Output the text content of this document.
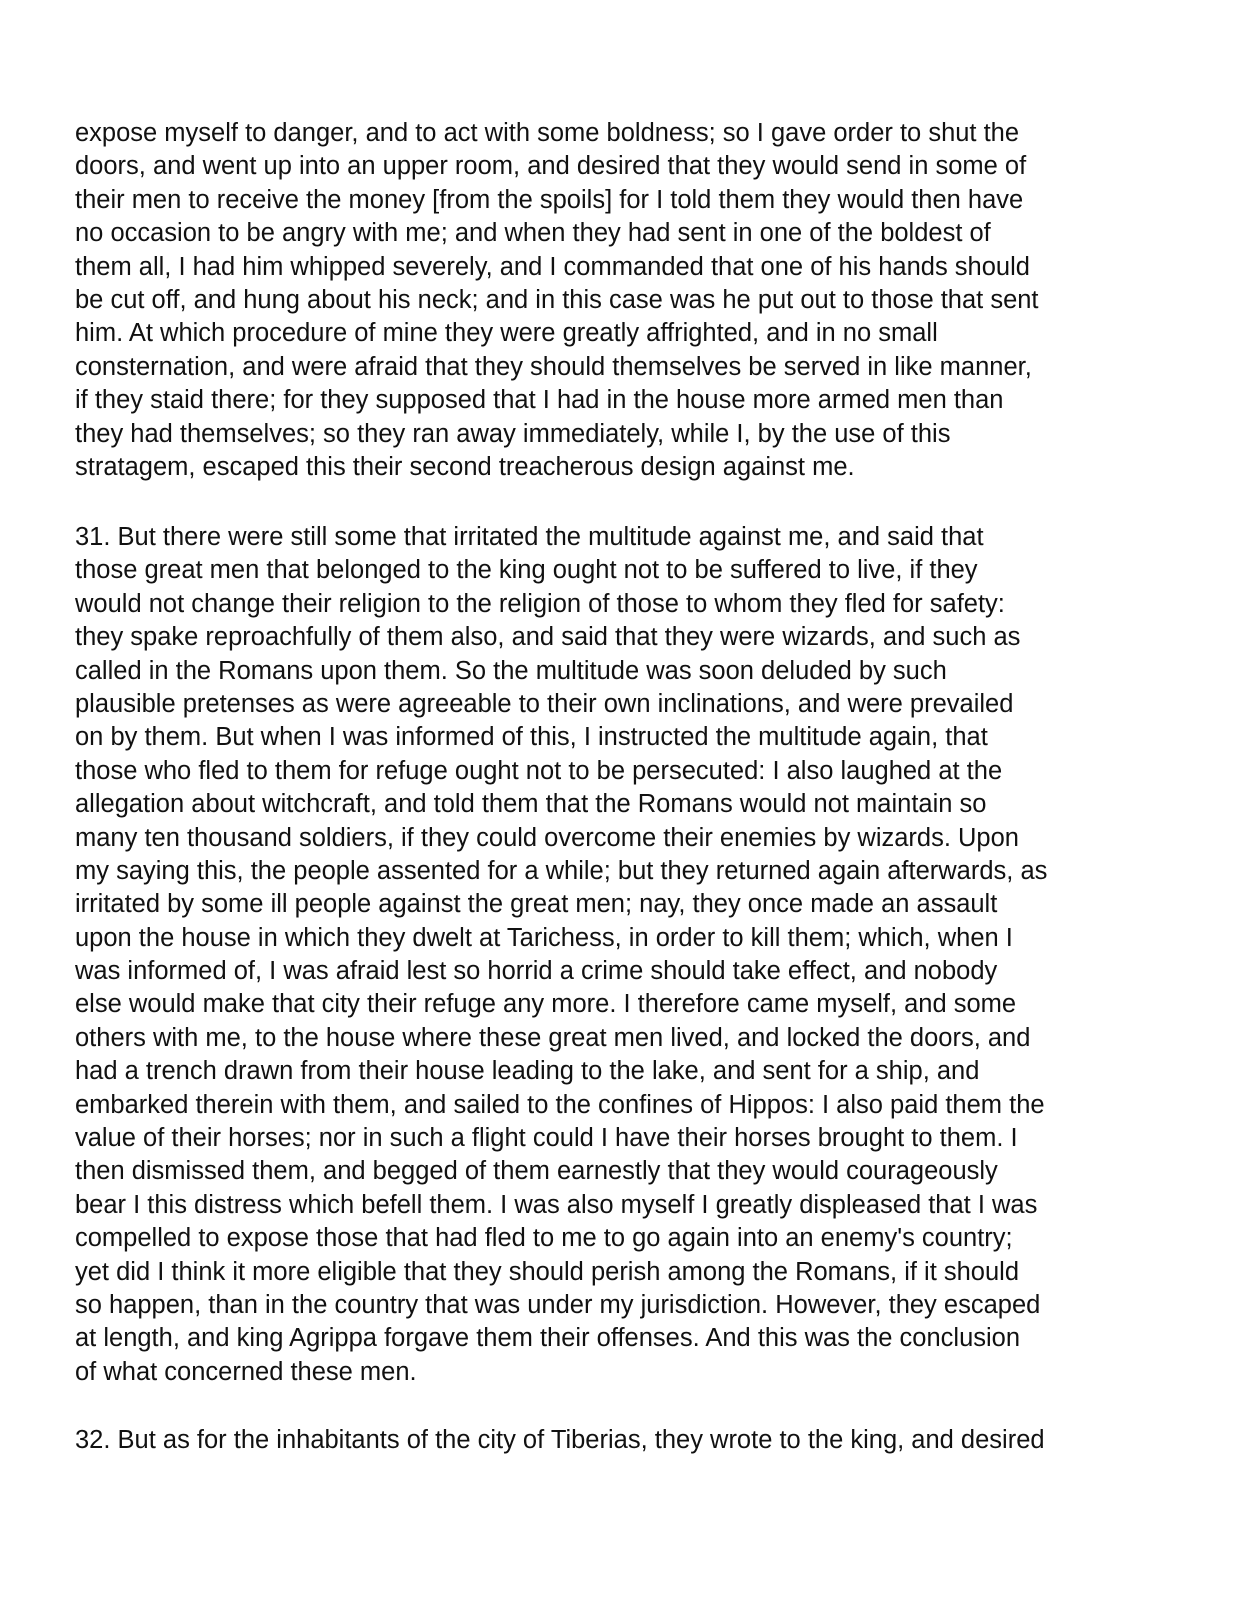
expose myself to danger, and to act with some boldness; so I gave order to shut the
doors, and went up into an upper room, and desired that they would send in some of
their men to receive the money [from the spoils] for I told them they would then have
no occasion to be angry with me; and when they had sent in one of the boldest of
them all, I had him whipped severely, and I commanded that one of his hands should
be cut off, and hung about his neck; and in this case was he put out to those that sent
him. At which procedure of mine they were greatly affrighted, and in no small
consternation, and were afraid that they should themselves be served in like manner,
if they staid there; for they supposed that I had in the house more armed men than
they had themselves; so they ran away immediately, while I, by the use of this
stratagem, escaped this their second treacherous design against me.
31. But there were still some that irritated the multitude against me, and said that
those great men that belonged to the king ought not to be suffered to live, if they
would not change their religion to the religion of those to whom they fled for safety:
they spake reproachfully of them also, and said that they were wizards, and such as
called in the Romans upon them. So the multitude was soon deluded by such
plausible pretenses as were agreeable to their own inclinations, and were prevailed
on by them. But when I was informed of this, I instructed the multitude again, that
those who fled to them for refuge ought not to be persecuted: I also laughed at the
allegation about witchcraft, and told them that the Romans would not maintain so
many ten thousand soldiers, if they could overcome their enemies by wizards. Upon
my saying this, the people assented for a while; but they returned again afterwards, as
irritated by some ill people against the great men; nay, they once made an assault
upon the house in which they dwelt at Tarichess, in order to kill them; which, when I
was informed of, I was afraid lest so horrid a crime should take effect, and nobody
else would make that city their refuge any more. I therefore came myself, and some
others with me, to the house where these great men lived, and locked the doors, and
had a trench drawn from their house leading to the lake, and sent for a ship, and
embarked therein with them, and sailed to the confines of Hippos: I also paid them the
value of their horses; nor in such a flight could I have their horses brought to them. I
then dismissed them, and begged of them earnestly that they would courageously
bear I this distress which befell them. I was also myself I greatly displeased that I was
compelled to expose those that had fled to me to go again into an enemy's country;
yet did I think it more eligible that they should perish among the Romans, if it should
so happen, than in the country that was under my jurisdiction. However, they escaped
at length, and king Agrippa forgave them their offenses. And this was the conclusion
of what concerned these men.
32. But as for the inhabitants of the city of Tiberias, they wrote to the king, and desired
